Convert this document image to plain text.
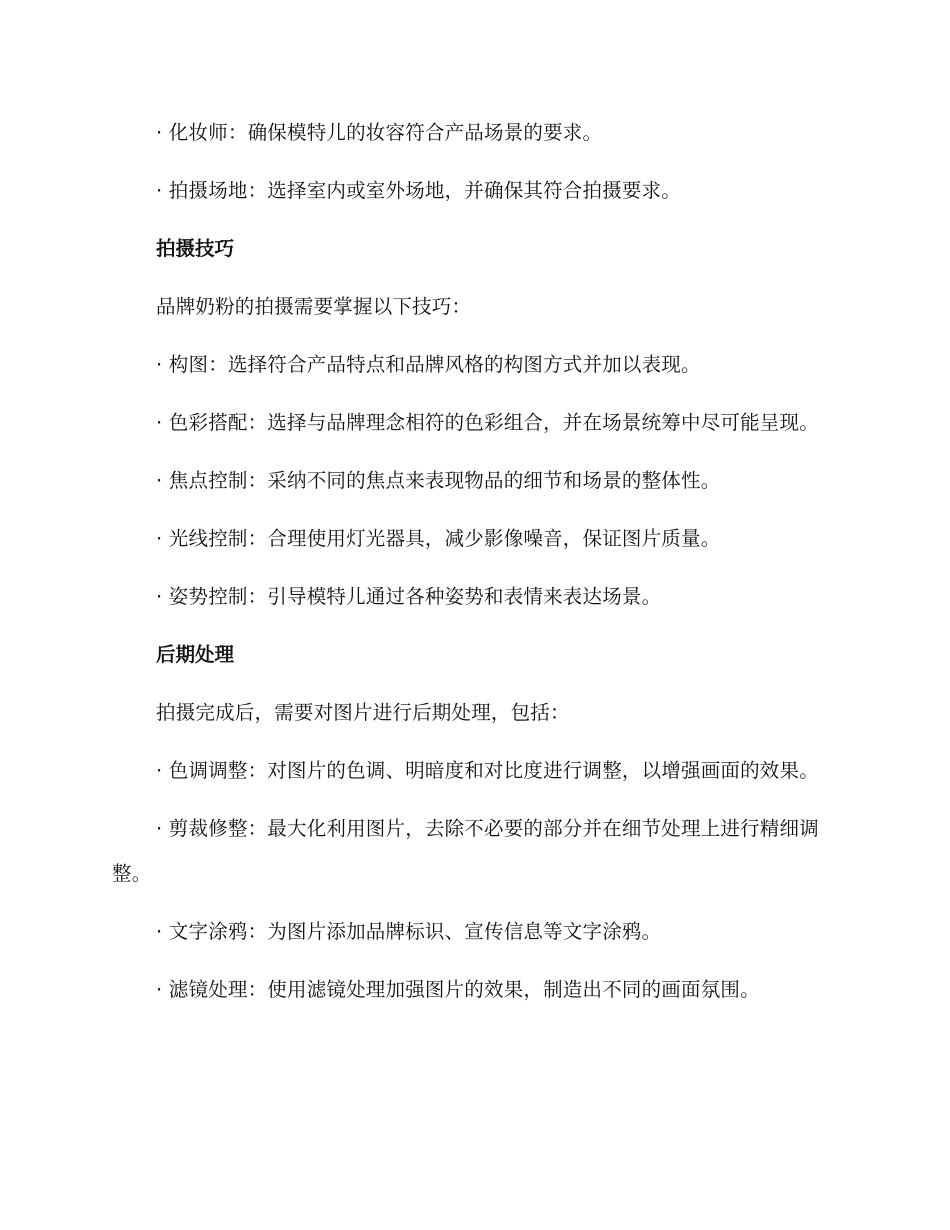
· 化妆师：确保模特儿的妆容符合产品场景的要求。

· 拍摄场地：选择室内或室外场地，并确保其符合拍摄要求。

拍摄技巧

品牌奶粉的拍摄需要掌握以下技巧：

· 构图：选择符合产品特点和品牌风格的构图方式并加以表现。

· 色彩搭配：选择与品牌理念相符的色彩组合，并在场景统筹中尽可能呈现。

· 焦点控制：采纳不同的焦点来表现物品的细节和场景的整体性。

· 光线控制：合理使用灯光器具，减少影像噪音，保证图片质量。

· 姿势控制：引导模特儿通过各种姿势和表情来表达场景。

后期处理

拍摄完成后，需要对图片进行后期处理，包括：

· 色调调整：对图片的色调、明暗度和对比度进行调整，以增强画面的效果。

· 剪裁修整：最大化利用图片，去除不必要的部分并在细节处理上进行精细调整。

· 文字涂鸦：为图片添加品牌标识、宣传信息等文字涂鸦。

· 滤镜处理：使用滤镜处理加强图片的效果，制造出不同的画面氛围。
